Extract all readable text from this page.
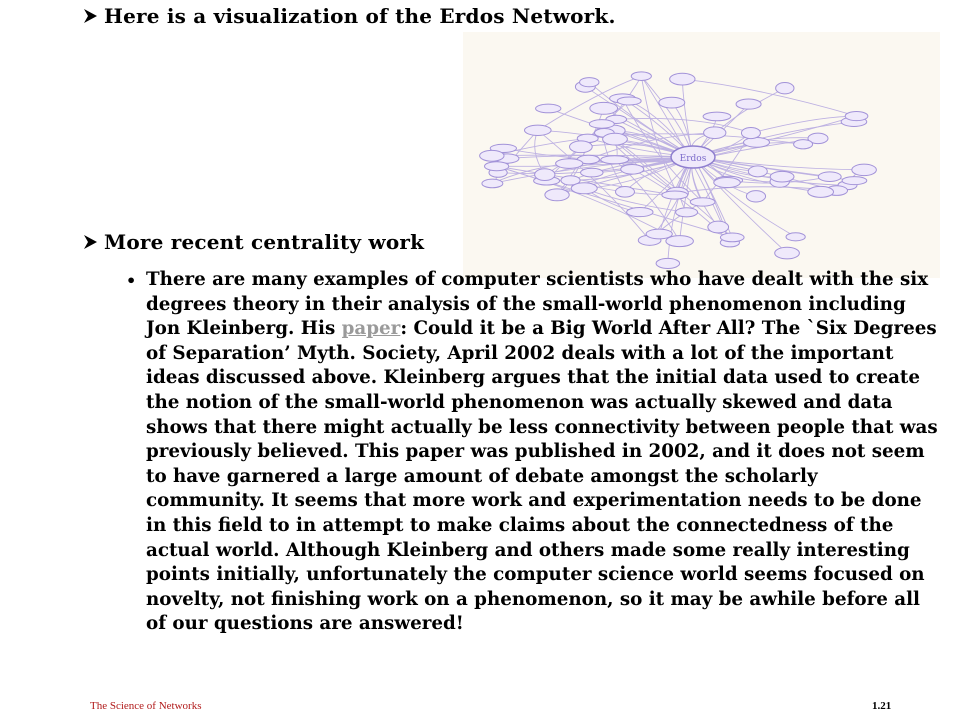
Here is a visualization of the Erdos Network.
Erdos
More recent centrality work
• There are many examples of computer scientists who have dealt with the six degrees theory in their analysis of the small-world phenomenon including Jon Kleinberg. His paper: Could it be a Big World After All? The `Six Degrees of Separation’ Myth. Society, April 2002 deals with a lot of the important ideas discussed above. Kleinberg argues that the initial data used to create the notion of the small-world phenomenon was actually skewed and data shows that there might actually be less connectivity between people that was previously believed. This paper was published in 2002, and it does not seem to have garnered a large amount of debate amongst the scholarly community. It seems that more work and experimentation needs to be done in this field to in attempt to make claims about the connectedness of the actual world. Although Kleinberg and others made some really interesting points initially, unfortunately the computer science world seems focused on novelty, not finishing work on a phenomenon, so it may be awhile before all of our questions are answered!
The Science of Networks	1.21
